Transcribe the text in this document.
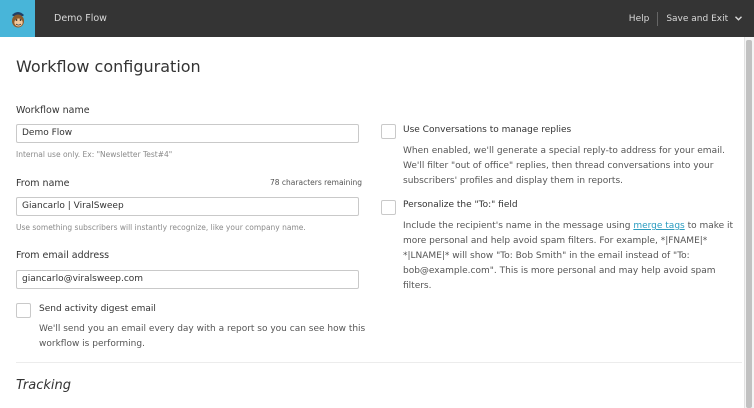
Demo Flow	Help Save and Exit
Workflow configuration
Workflow name
Demo Flow
Internal use only. Ex: "Newsletter Test#4"
From name	78 characters remaining
Giancarlo | ViralSweep
Use something subscribers will instantly recognize, like your company name.
From email address
giancarlo@viralsweep.com
Send activity digest email
We'll send you an email every day with a report so you can see how this
workflow is performing.
Use Conversations to manage replies
When enabled, we'll generate a special reply-to address for your email.
We'll filter "out of office" replies, then thread conversations into your
subscribers' profiles and display them in reports.
Personalize the "To:" field
Include the recipient's name in the message using merge tags to make it
more personal and help avoid spam filters. For example, *|FNAME|*
*|LNAME|* will show "To: Bob Smith" in the email instead of "To:
bob@example.com". This is more personal and may help avoid spam
filters.
Tracking
